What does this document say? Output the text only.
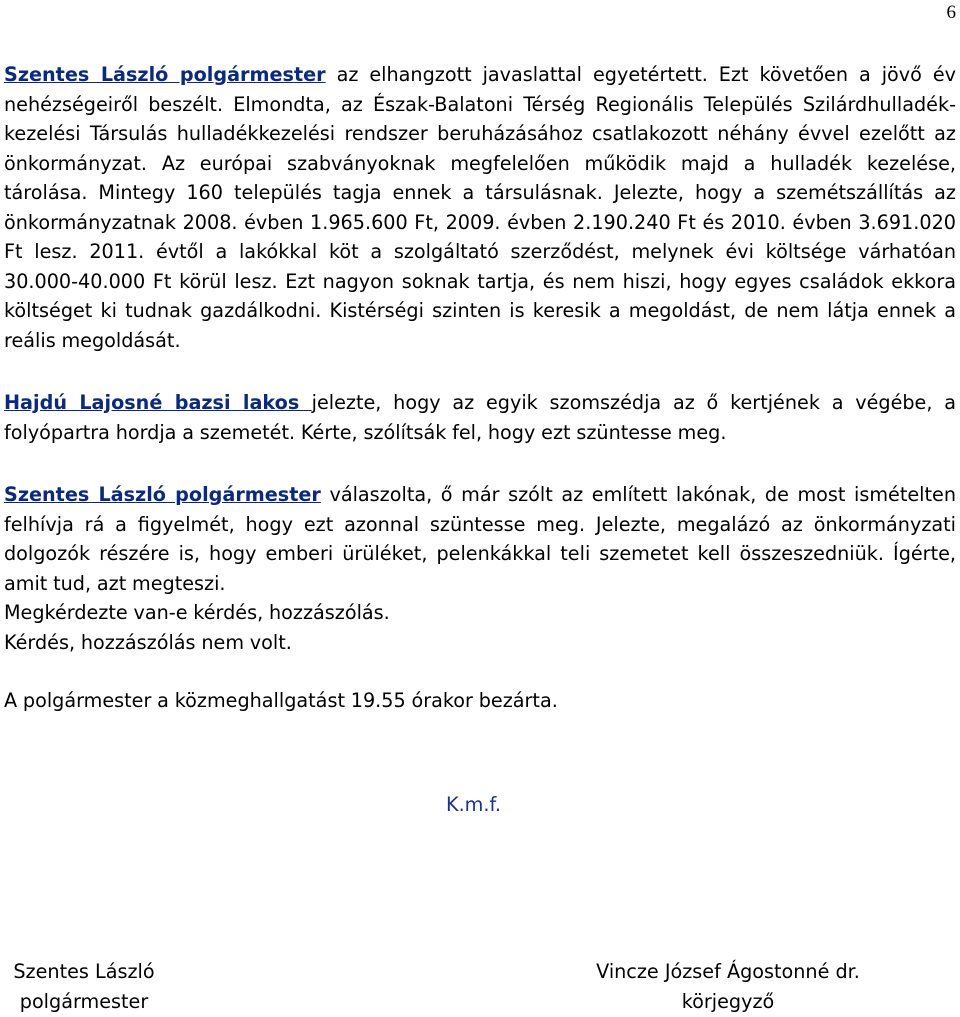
6

Szentes László polgármester az elhangzott javaslattal egyetértett. Ezt követően a jövő év nehézségeiről beszélt. Elmondta, az Észak-Balatoni Térség Regionális Település Szilárdhulladék-kezelési Társulás hulladékkezelési rendszer beruházásához csatlakozott néhány évvel ezelőtt az önkormányzat. Az európai szabványoknak megfelelően működik majd a hulladék kezelése, tárolása. Mintegy 160 település tagja ennek a társulásnak. Jelezte, hogy a szemétszállítás az önkormányzatnak 2008. évben 1.965.600 Ft, 2009. évben 2.190.240 Ft és 2010. évben 3.691.020 Ft lesz. 2011. évtől a lakókkal köt a szolgáltató szerződést, melynek évi költsége várhatóan 30.000-40.000 Ft körül lesz. Ezt nagyon soknak tartja, és nem hiszi, hogy egyes családok ekkora költséget ki tudnak gazdálkodni. Kistérségi szinten is keresik a megoldást, de nem látja ennek a reális megoldását.

Hajdú Lajosné bazsi lakos jelezte, hogy az egyik szomszédja az ő kertjének a végébe, a folyópartra hordja a szemetét. Kérte, szólítsák fel, hogy ezt szüntesse meg.

Szentes László polgármester válaszolta, ő már szólt az említett lakónak, de most ismételten felhívja rá a figyelmét, hogy ezt azonnal szüntesse meg. Jelezte, megalázó az önkormányzati dolgozók részére is, hogy emberi ürüléket, pelenkákkal teli szemetet kell összeszedniük. Ígérte, amit tud, azt megteszi.

Megkérdezte van-e kérdés, hozzászólás.

Kérdés, hozzászólás nem volt.

A polgármester a közmeghallgatást 19.55 órakor bezárta.

K.m.f.
Szentes László
polgármester
Vincze József Ágostonné dr.
körjegyző
